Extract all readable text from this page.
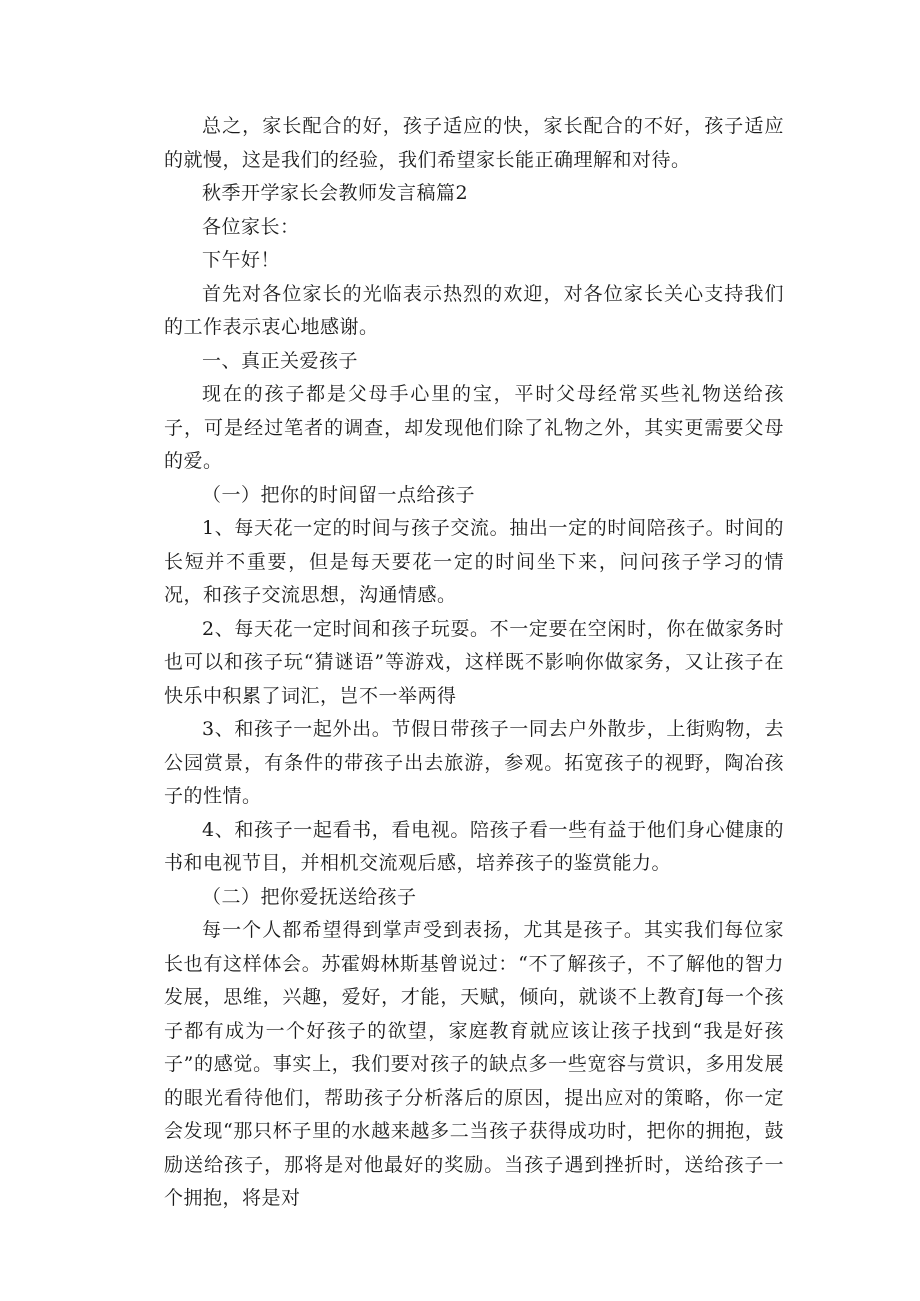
总之，家长配合的好，孩子适应的快，家长配合的不好，孩子适应的就慢，这是我们的经验，我们希望家长能正确理解和对待。

秋季开学家长会教师发言稿篇2

各位家长：

下午好！

首先对各位家长的光临表示热烈的欢迎，对各位家长关心支持我们的工作表示衷心地感谢。

一、真正关爱孩子

现在的孩子都是父母手心里的宝，平时父母经常买些礼物送给孩子，可是经过笔者的调查，却发现他们除了礼物之外，其实更需要父母的爱。

（一）把你的时间留一点给孩子

1、每天花一定的时间与孩子交流。抽出一定的时间陪孩子。时间的长短并不重要，但是每天要花一定的时间坐下来，问问孩子学习的情况，和孩子交流思想，沟通情感。

2、每天花一定时间和孩子玩耍。不一定要在空闲时，你在做家务时也可以和孩子玩“猜谜语”等游戏，这样既不影响你做家务，又让孩子在快乐中积累了词汇，岂不一举两得

3、和孩子一起外出。节假日带孩子一同去户外散步，上街购物，去公园赏景，有条件的带孩子出去旅游，参观。拓宽孩子的视野，陶冶孩子的性情。

4、和孩子一起看书，看电视。陪孩子看一些有益于他们身心健康的书和电视节目，并相机交流观后感，培养孩子的鉴赏能力。

（二）把你爱抚送给孩子

每一个人都希望得到掌声受到表扬，尤其是孩子。其实我们每位家长也有这样体会。苏霍姆林斯基曾说过：“不了解孩子，不了解他的智力发展，思维，兴趣，爱好，才能，天赋，倾向，就谈不上教育J每一个孩子都有成为一个好孩子的欲望，家庭教育就应该让孩子找到“我是好孩子”的感觉。事实上，我们要对孩子的缺点多一些宽容与赏识，多用发展的眼光看待他们，帮助孩子分析落后的原因，提出应对的策略，你一定会发现“那只杯子里的水越来越多二当孩子获得成功时，把你的拥抱，鼓励送给孩子，那将是对他最好的奖励。当孩子遇到挫折时，送给孩子一个拥抱，将是对
